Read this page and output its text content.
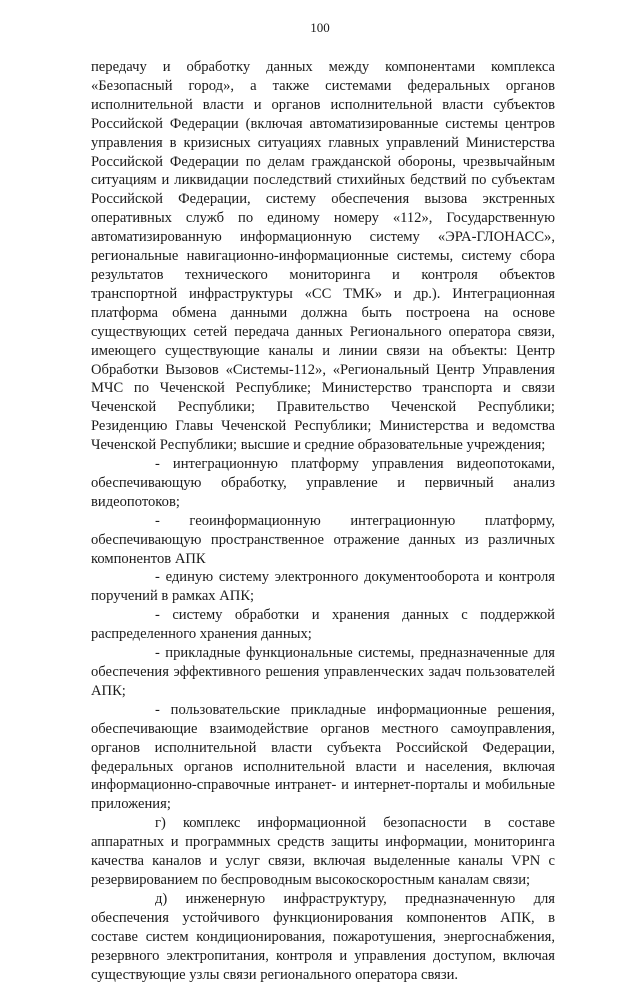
100

передачу и обработку данных между компонентами комплекса «Безопасный город», а также системами федеральных органов исполнительной власти и органов исполнительной власти субъектов Российской Федерации (включая автоматизированные системы центров управления в кризисных ситуациях главных управлений Министерства Российской Федерации по делам гражданской обороны, чрезвычайным ситуациям и ликвидации последствий стихийных бедствий по субъектам Российской Федерации, систему обеспечения вызова экстренных оперативных служб по единому номеру «112», Государственную автоматизированную информационную систему «ЭРА-ГЛОНАСС», региональные навигационно-информационные системы, систему сбора результатов технического мониторинга и контроля объектов транспортной инфраструктуры «СС ТМК» и др.). Интеграционная платформа обмена данными должна быть построена на основе существующих сетей передача данных Регионального оператора связи, имеющего существующие каналы и линии связи на объекты: Центр Обработки Вызовов «Системы-112», «Региональный Центр Управления МЧС по Чеченской Республике; Министерство транспорта и связи Чеченской Республики; Правительство Чеченской Республики; Резиденцию Главы Чеченской Республики; Министерства и ведомства Чеченской Республики; высшие и средние образовательные учреждения;

- интеграционную платформу управления видеопотоками, обеспечивающую обработку, управление и первичный анализ видеопотоков;

- геоинформационную интеграционную платформу, обеспечивающую пространственное отражение данных из различных компонентов АПК

- единую систему электронного документооборота и контроля поручений в рамках АПК;

- систему обработки и хранения данных с поддержкой распределенного хранения данных;

- прикладные функциональные системы, предназначенные для обеспечения эффективного решения управленческих задач пользователей АПК;

- пользовательские прикладные информационные решения, обеспечивающие взаимодействие органов местного самоуправления, органов исполнительной власти субъекта Российской Федерации, федеральных органов исполнительной власти и населения, включая информационно-справочные интранет- и интернет-порталы и мобильные приложения;

г) комплекс информационной безопасности в составе аппаратных и программных средств защиты информации, мониторинга качества каналов и услуг связи, включая выделенные каналы VPN с резервированием по беспроводным высокоскоростным каналам связи;

д) инженерную инфраструктуру, предназначенную для обеспечения устойчивого функционирования компонентов АПК, в составе систем кондиционирования, пожаротушения, энергоснабжения, резервного электропитания, контроля и управления доступом, включая существующие узлы связи регионального оператора связи.
